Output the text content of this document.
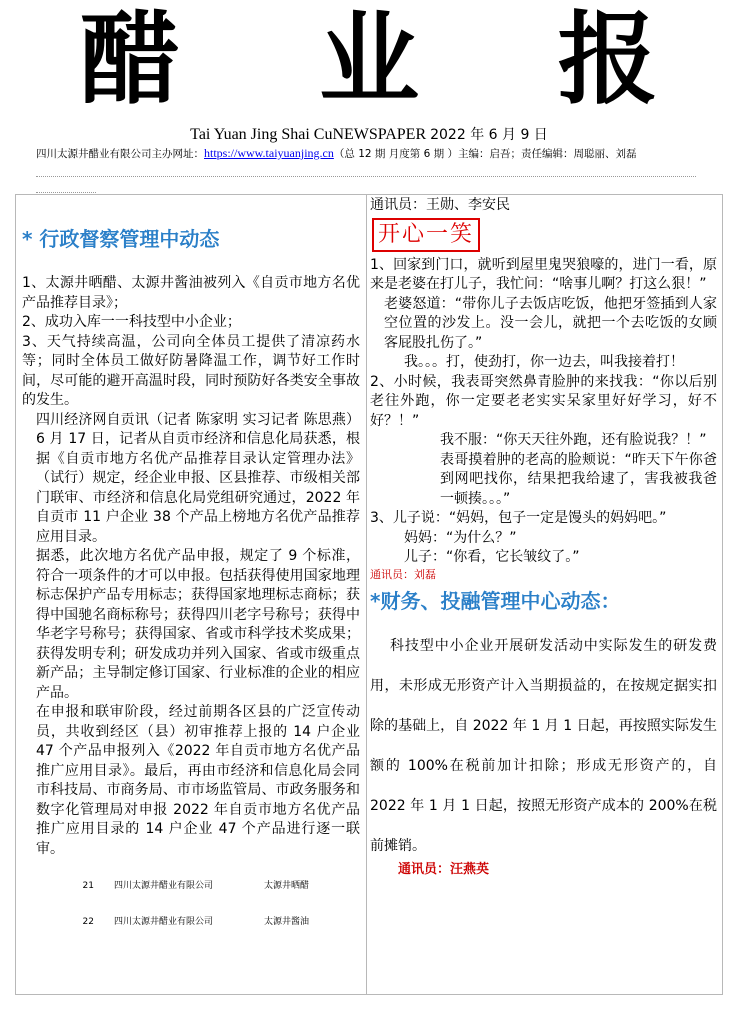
醋 业 报
Tai Yuan Jing Shai CuNEWSPAPER 2022 年 6 月 9 日
四川太源井醋业有限公司主办网址：https://www.taiyuanjing.cn（总 12 期 月度第 6 期 ）主编：启吾；责任编辑：周聪丽、刘磊
* 行政督察管理中动态

1、太源井晒醋、太源井酱油被列入《自贡市地方名优产品推荐目录》；

2、成功入库一一科技型中小企业；

3、天气持续高温，公司向全体员工提供了清凉药水等；同时全体员工做好防暑降温工作，调节好工作时间，尽可能的避开高温时段，同时预防好各类安全事故的发生。

四川经济网自贡讯（记者 陈家明 实习记者 陈思燕）6 月 17 日，记者从自贡市经济和信息化局获悉，根据《自贡市地方名优产品推荐目录认定管理办法》（试行）规定，经企业申报、区县推荐、市级相关部门联审、市经济和信息化局党组研究通过，2022 年自贡市 11 户企业 38 个产品上榜地方名优产品推荐应用目录。

据悉，此次地方名优产品申报，规定了 9 个标准，符合一项条件的才可以申报。包括获得使用国家地理标志保护产品专用标志；获得国家地理标志商标；获得中国驰名商标称号；获得四川老字号称号；获得中华老字号称号；获得国家、省或市科学技术奖成果；获得发明专利；研发成功并列入国家、省或市级重点新产品；主导制定修订国家、行业标准的企业的相应产品。

在申报和联审阶段，经过前期各区县的广泛宣传动员，共收到经区（县）初审推荐上报的 14 户企业 47 个产品申报列入《2022 年自贡市地方名优产品推广应用目录》。最后，再由市经济和信息化局会同市科技局、市商务局、市市场监管局、市政务服务和数字化管理局对申报 2022 年自贡市地方名优产品推广应用目录的 14 户企业 47 个产品进行逐一联审。

21	四川太源井醋业有限公司	太源井晒醋
22	四川太源井醋业有限公司	太源井酱油

通讯员：王勋、李安民

开心一笑

1、回家到门口，就听到屋里鬼哭狼嚎的，进门一看，原来是老婆在打儿子，我忙问：“啥事儿啊？打这么狠！”

老婆怒道：“带你儿子去饭店吃饭，他把牙签插到人家空位置的沙发上。没一会儿，就把一个去吃饭的女顾客屁股扎伤了。”

我。。。打，使劲打，你一边去，叫我接着打！

2、小时候，我表哥突然鼻青脸肿的来找我：“你以后别老往外跑，你一定要老老实实呆家里好好学习，好不好？！”

我不服：“你天天往外跑，还有脸说我？！”

表哥摸着肿的老高的脸颊说：“昨天下午你爸到网吧找你，结果把我给逮了，害我被我爸一顿揍。。。”

3、儿子说：“妈妈，包子一定是馒头的妈妈吧。”

妈妈：“为什么？”

儿子：“你看，它长皱纹了。”

通讯员：刘磊

*财务、投融管理中心动态：

科技型中小企业开展研发活动中实际发生的研发费用，未形成无形资产计入当期损益的，在按规定据实扣除的基础上，自 2022 年 1 月 1 日起，再按照实际发生额的 100%在税前加计扣除；形成无形资产的，自 2022 年 1 月 1 日起，按照无形资产成本的 200%在税前摊销。

通讯员：汪燕英
